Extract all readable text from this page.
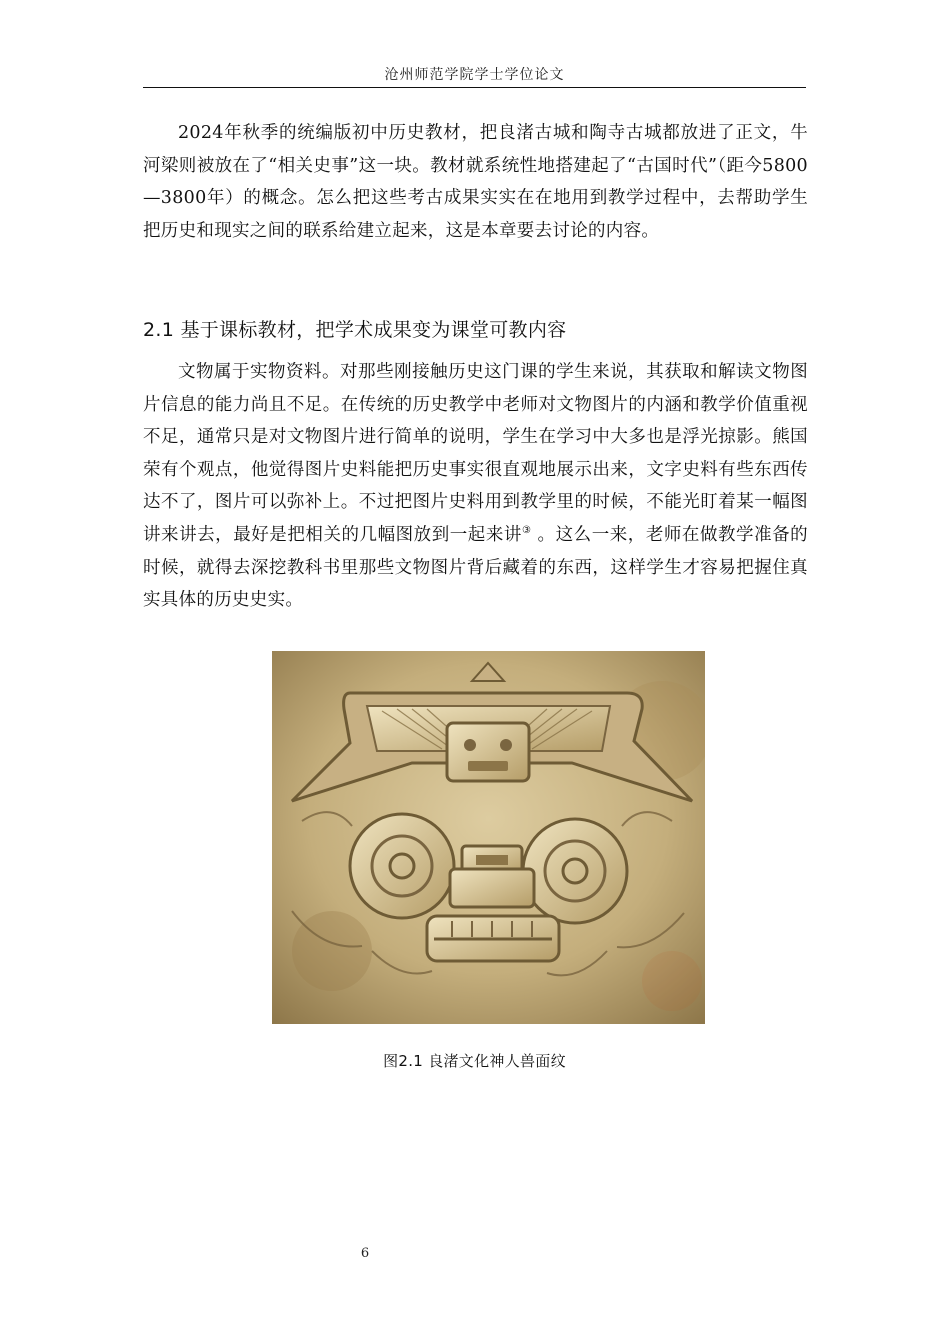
沧州师范学院学士学位论文

2024年秋季的统编版初中历史教材，把良渚古城和陶寺古城都放进了正文，牛河梁则被放在了“相关史事”这一块。教材就系统性地搭建起了“古国时代”（距今5800—3800年）的概念。怎么把这些考古成果实实在在地用到教学过程中，去帮助学生把历史和现实之间的联系给建立起来，这是本章要去讨论的内容。

2.1 基于课标教材，把学术成果变为课堂可教内容

文物属于实物资料。对那些刚接触历史这门课的学生来说，其获取和解读文物图片信息的能力尚且不足。在传统的历史教学中老师对文物图片的内涵和教学价值重视不足，通常只是对文物图片进行简单的说明，学生在学习中大多也是浮光掠影。熊国荣有个观点，他觉得图片史料能把历史事实很直观地展示出来，文字史料有些东西传达不了，图片可以弥补上。不过把图片史料用到教学里的时候，不能光盯着某一幅图讲来讲去，最好是把相关的几幅图放到一起来讲③ 。这么一来，老师在做教学准备的时候，就得去深挖教科书里那些文物图片背后藏着的东西，这样学生才容易把握住真实具体的历史史实。

图2.1 良渚文化神人兽面纹
6
